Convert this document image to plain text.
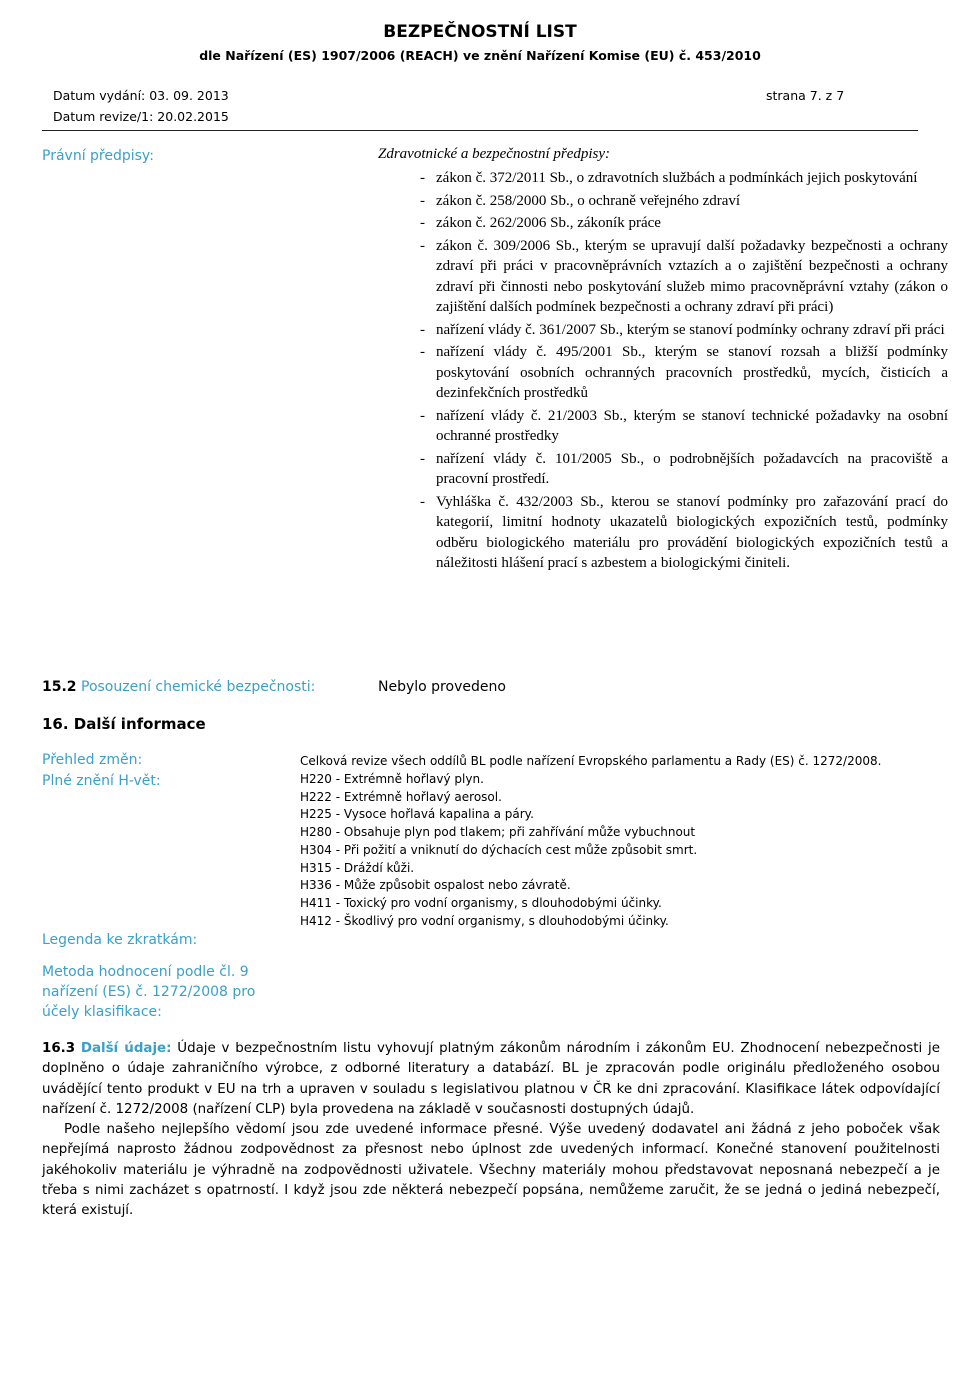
BEZPEČNOSTNÍ LIST
dle Nařízení (ES) 1907/2006 (REACH) ve znění Nařízení Komise (EU) č. 453/2010
Datum vydání: 03. 09. 2013
Datum revize/1: 20.02.2015
strana 7. z 7
Právní předpisy:	Zdravotnické a bezpečnostní předpisy:
- zákon č. 372/2011 Sb., o zdravotních službách a podmínkách jejich poskytování
- zákon č. 258/2000 Sb., o ochraně veřejného zdraví
- zákon č. 262/2006 Sb., zákoník práce
- zákon č. 309/2006 Sb., kterým se upravují další požadavky bezpečnosti a ochrany zdraví při práci v pracovněprávních vztazích a o zajištění bezpečnosti a ochrany zdraví při činnosti nebo poskytování služeb mimo pracovněprávní vztahy (zákon o zajištění dalších podmínek bezpečnosti a ochrany zdraví při práci)
- nařízení vlády č. 361/2007 Sb., kterým se stanoví podmínky ochrany zdraví při práci
- nařízení vlády č. 495/2001 Sb., kterým se stanoví rozsah a bližší podmínky poskytování osobních ochranných pracovních prostředků, mycích, čisticích a dezinfekčních prostředků
- nařízení vlády č. 21/2003 Sb., kterým se stanoví technické požadavky na osobní ochranné prostředky
- nařízení vlády č. 101/2005 Sb., o podrobnějších požadavcích na pracoviště a pracovní prostředí.
- Vyhláška č. 432/2003 Sb., kterou se stanoví podmínky pro zařazování prací do kategorií, limitní hodnoty ukazatelů biologických expozičních testů, podmínky odběru biologického materiálu pro provádění biologických expozičních testů a náležitosti hlášení prací s azbestem a biologickými činiteli.
15.2 Posouzení chemické bezpečnosti:	Nebylo provedeno
16. Další informace
Přehled změn:
Plné znění H-vět:
Celková revize všech oddílů BL podle nařízení Evropského parlamentu a Rady (ES) č. 1272/2008.
H220 - Extrémně hořlavý plyn.
H222 - Extrémně hořlavý aerosol.
H225 - Vysoce hořlavá kapalina a páry.
H280 - Obsahuje plyn pod tlakem; při zahřívání může vybuchnout
H304 - Při požití a vniknutí do dýchacích cest může způsobit smrt.
H315 - Dráždí kůži.
H336 - Může způsobit ospalost nebo závratě.
H411 - Toxický pro vodní organismy, s dlouhodobými účinky.
H412 - Škodlivý pro vodní organismy, s dlouhodobými účinky.
Legenda ke zkratkám:
Metoda hodnocení podle čl. 9
nařízení (ES) č. 1272/2008 pro
účely klasifikace:

16.3 Další údaje: Údaje v bezpečnostním listu vyhovují platným zákonům národním i zákonům EU. Zhodnocení nebezpečnosti je doplněno o údaje zahraničního výrobce, z odborné literatury a databází. BL je zpracován podle originálu předloženého osobou uvádějící tento produkt v EU na trh a upraven v souladu s legislativou platnou v ČR ke dni zpracování. Klasifikace látek odpovídající nařízení č. 1272/2008 (nařízení CLP) byla provedena na základě v současnosti dostupných údajů.

Podle našeho nejlepšího vědomí jsou zde uvedené informace přesné. Výše uvedený dodavatel ani žádná z jeho poboček však nepřejímá naprosto žádnou zodpovědnost za přesnost nebo úplnost zde uvedených informací. Konečné stanovení použitelnosti jakéhokoliv materiálu je výhradně na zodpovědnosti uživatele. Všechny materiály mohou představovat neposnaná nebezpečí a je třeba s nimi zacházet s opatrností. I když jsou zde některá nebezpečí popsána, nemůžeme zaručit, že se jedná o jediná nebezpečí, která existují.
